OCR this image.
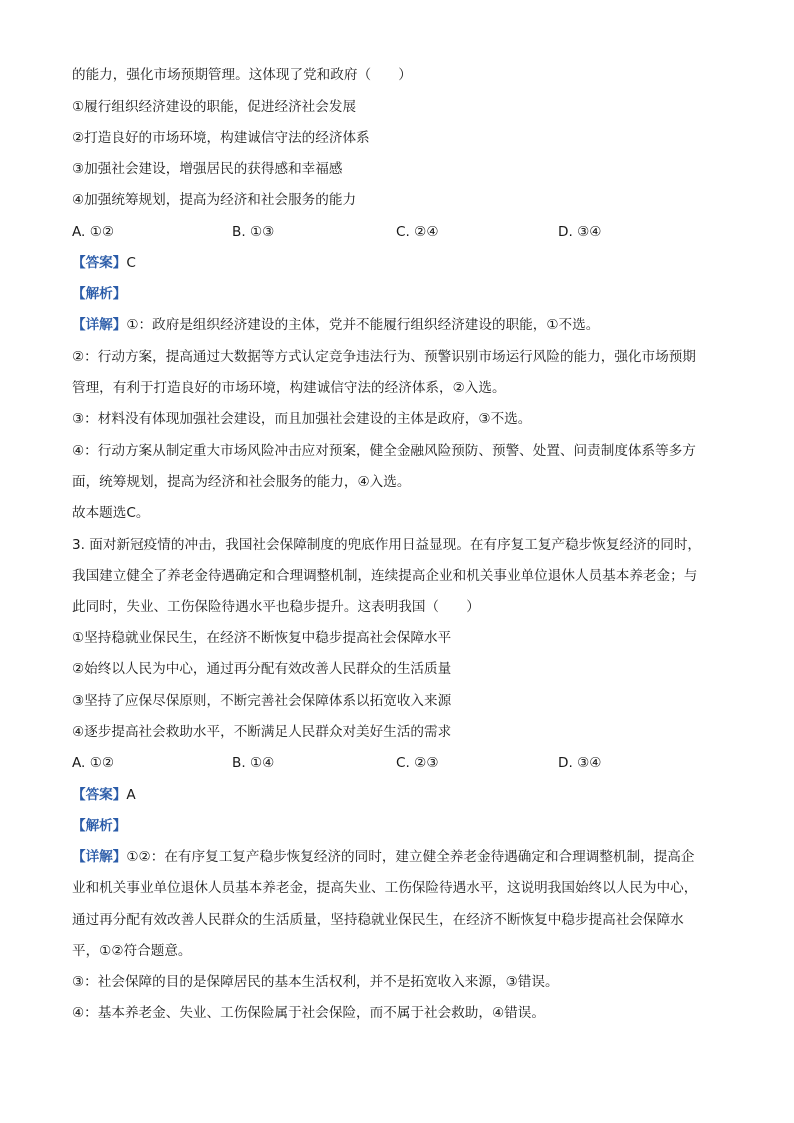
的能力，强化市场预期管理。这体现了党和政府（　　）
①履行组织经济建设的职能，促进经济社会发展
②打造良好的市场环境，构建诚信守法的经济体系
③加强社会建设，增强居民的获得感和幸福感
④加强统筹规划，提高为经济和社会服务的能力
A. ①②	B. ①③	C. ②④	D. ③④
【答案】C
【解析】
【详解】①：政府是组织经济建设的主体，党并不能履行组织经济建设的职能，①不选。
②：行动方案，提高通过大数据等方式认定竞争违法行为、预警识别市场运行风险的能力，强化市场预期
管理，有利于打造良好的市场环境，构建诚信守法的经济体系，②入选。
③：材料没有体现加强社会建设，而且加强社会建设的主体是政府，③不选。
④：行动方案从制定重大市场风险冲击应对预案，健全金融风险预防、预警、处置、问责制度体系等多方
面，统筹规划，提高为经济和社会服务的能力，④入选。
故本题选C。
3. 面对新冠疫情的冲击，我国社会保障制度的兜底作用日益显现。在有序复工复产稳步恢复经济的同时，
我国建立健全了养老金待遇确定和合理调整机制，连续提高企业和机关事业单位退休人员基本养老金；与
此同时，失业、工伤保险待遇水平也稳步提升。这表明我国（　　）
①坚持稳就业保民生，在经济不断恢复中稳步提高社会保障水平
②始终以人民为中心，通过再分配有效改善人民群众的生活质量
③坚持了应保尽保原则，不断完善社会保障体系以拓宽收入来源
④逐步提高社会救助水平，不断满足人民群众对美好生活的需求
A. ①②	B. ①④	C. ②③	D. ③④
【答案】A
【解析】
【详解】①②：在有序复工复产稳步恢复经济的同时，建立健全养老金待遇确定和合理调整机制，提高企
业和机关事业单位退休人员基本养老金，提高失业、工伤保险待遇水平，这说明我国始终以人民为中心，
通过再分配有效改善人民群众的生活质量，坚持稳就业保民生，在经济不断恢复中稳步提高社会保障水
平，①②符合题意。
③：社会保障的目的是保障居民的基本生活权利，并不是拓宽收入来源，③错误。
④：基本养老金、失业、工伤保险属于社会保险，而不属于社会救助，④错误。
